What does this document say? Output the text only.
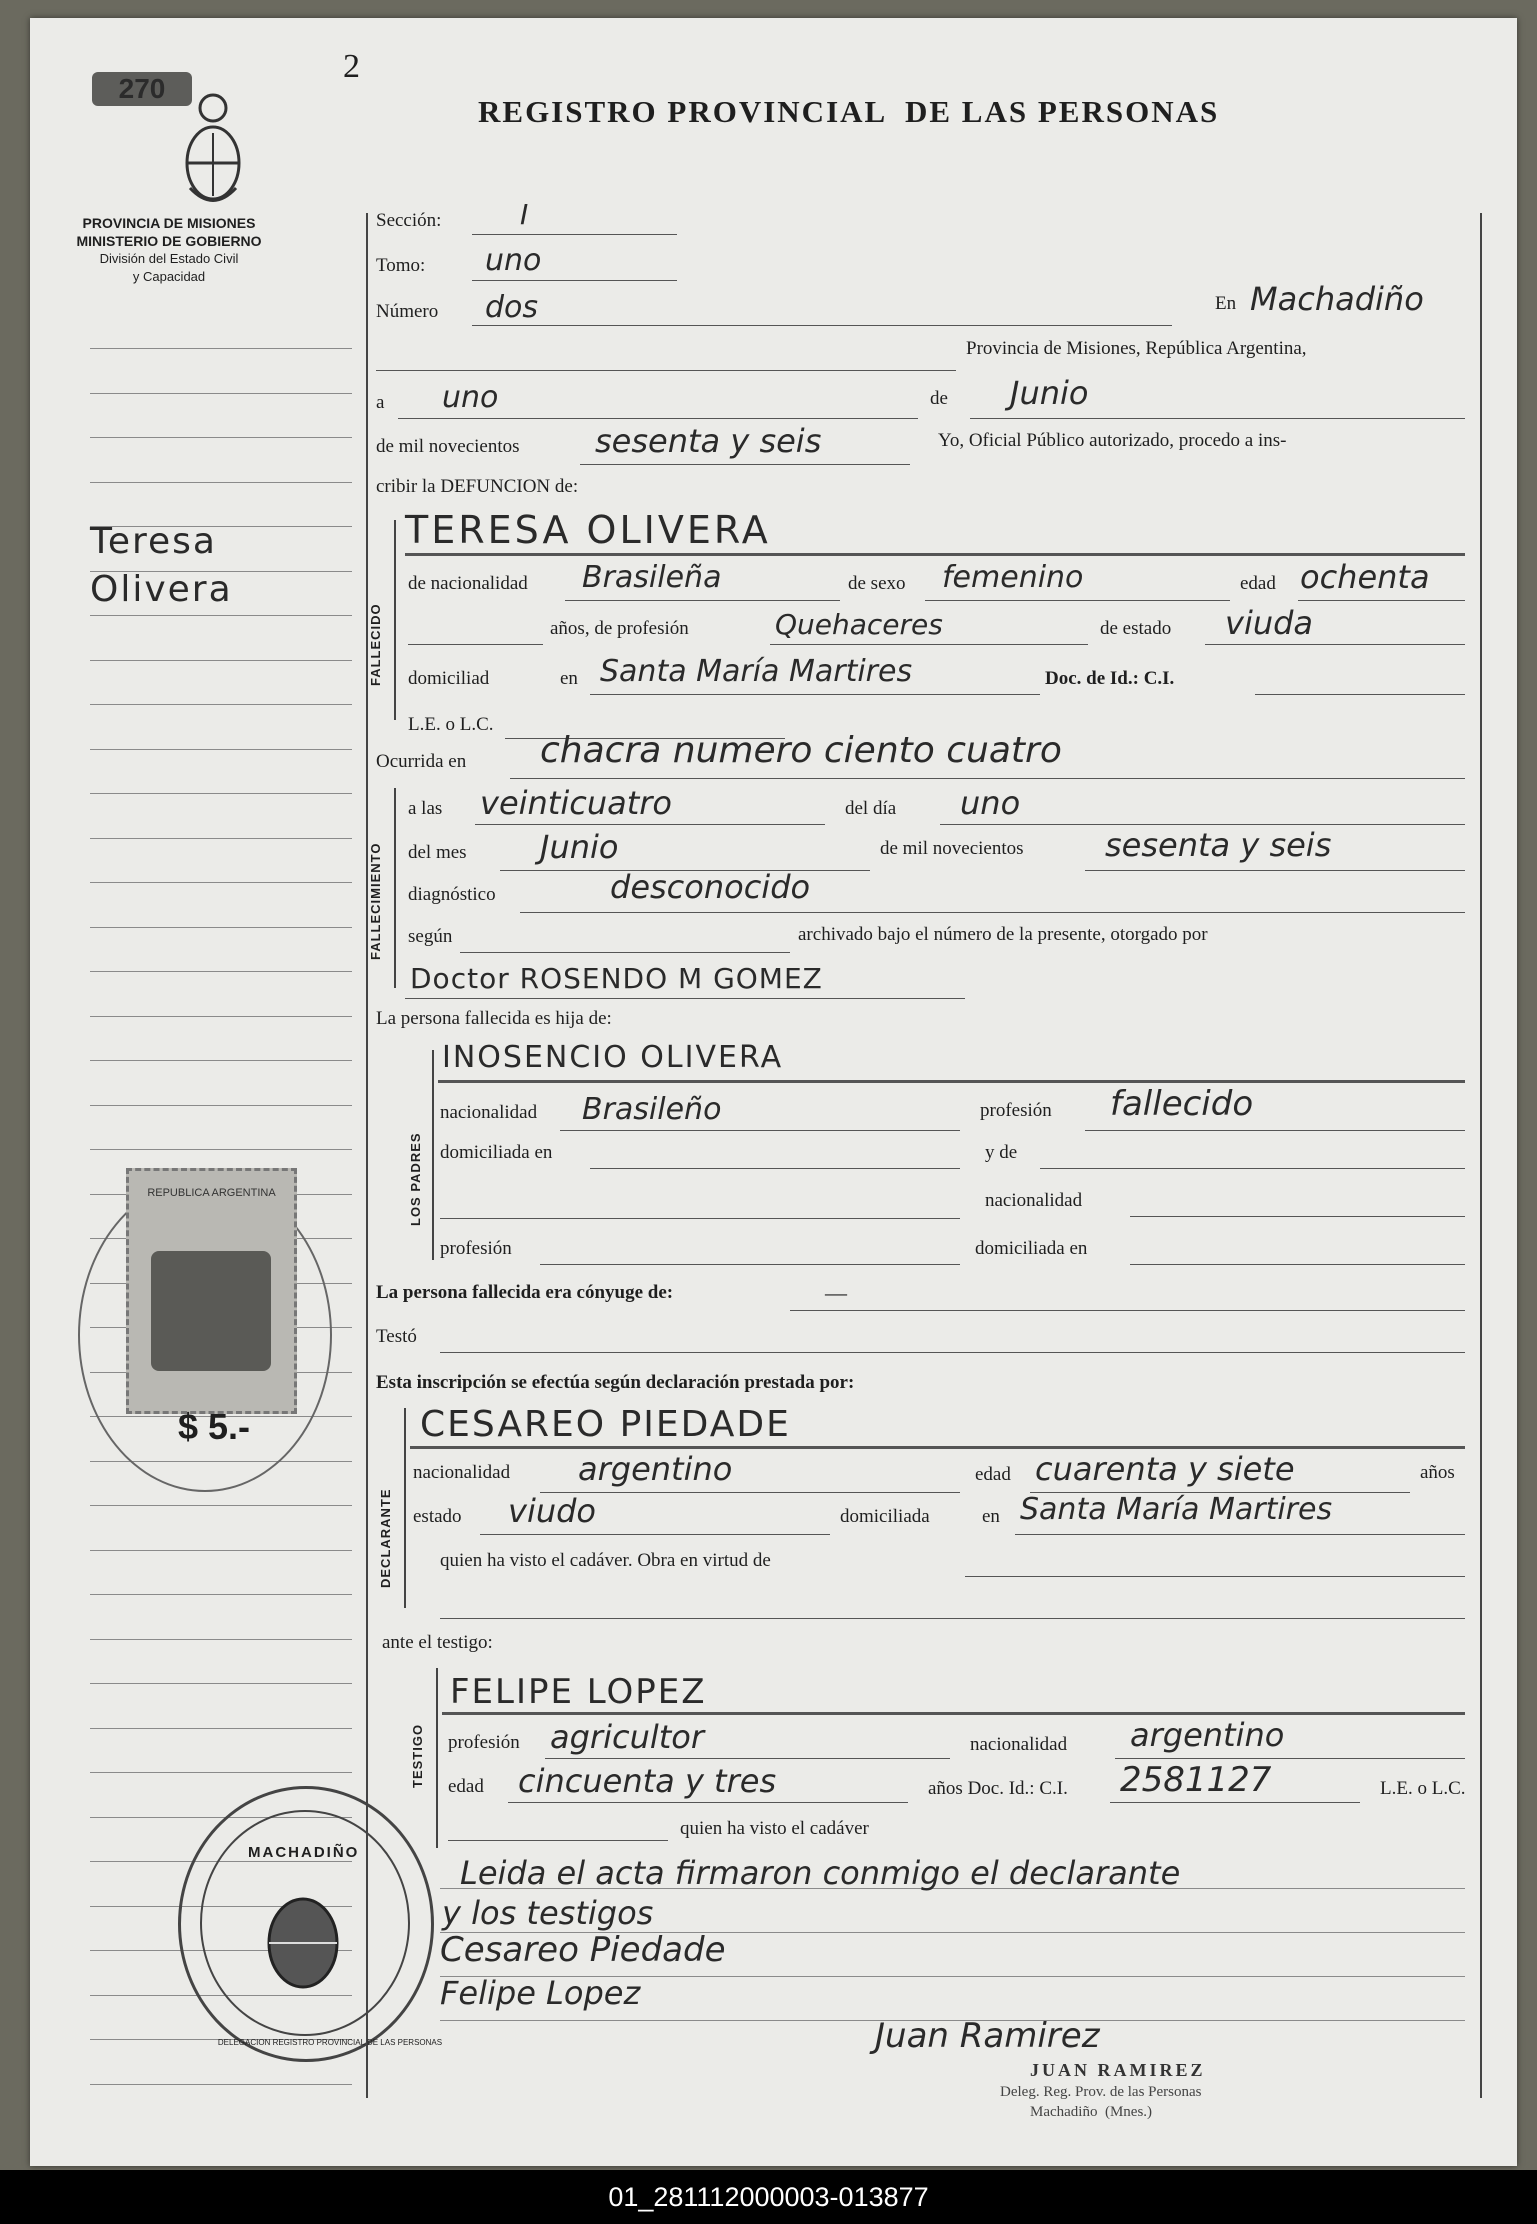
270
2
REGISTRO PROVINCIAL  DE LAS PERSONAS
PROVINCIA DE MISIONES
MINISTERIO DE GOBIERNO
División del Estado Civil
y Capacidad
Teresa
Olivera
Sección:	I
Tomo: uno
Número dos	En Machadiño
Provincia de Misiones, República Argentina,
a uno	de Junio
de mil novecientos sesenta y seis	Yo, Oficial Público autorizado, procedo a ins-
cribir la DEFUNCION de:
FALLECIDO
TERESA OLIVERA
de nacionalidad Brasileña	de sexo femenino	edad ochenta
años, de profesión	Quehaceres	de estado viuda
domiciliad	en Santa María Martires	Doc. de Id.: C.I.
L.E. o L.C.
Ocurrida en chacra numero ciento cuatro
FALLECIMIENTO
a las veinticuatro	del día uno
del mes Junio	de mil novecientos	sesenta y seis
diagnóstico	desconocido
según	archivado bajo el número de la presente, otorgado por
Doctor ROSENDO M GOMEZ
La persona fallecida es hija de:
LOS PADRES
INOSENCIO OLIVERA
nacionalidad Brasileño	profesión fallecido
domiciliada en	y de
nacionalidad
profesión	domiciliada en
La persona fallecida era cónyuge de:	—
Testó
Esta inscripción se efectúa según declaración prestada por:
DECLARANTE
CESAREO PIEDADE
nacionalidad argentino	edad cuarenta y siete	años
estado viudo	domiciliada	en Santa María Martires
quien ha visto el cadáver. Obra en virtud de
ante el testigo:
TESTIGO
FELIPE LOPEZ
profesión agricultor	nacionalidad argentino
edad cincuenta y tres	años Doc. Id.: C.I. 2581127	L.E. o L.C.
quien ha visto el cadáver
Leida el acta firmaron conmigo el declarante
y los testigos
Cesareo Piedade
Felipe Lopez
Juan Ramirez
JUAN RAMIREZ
Deleg. Reg. Prov. de las Personas
Machadiño  (Mnes.)
REPUBLICA ARGENTINA
$ 5.-
MACHADIÑO
DELEGACION REGISTRO PROVINCIAL DE LAS PERSONAS
01_281112000003-013877
